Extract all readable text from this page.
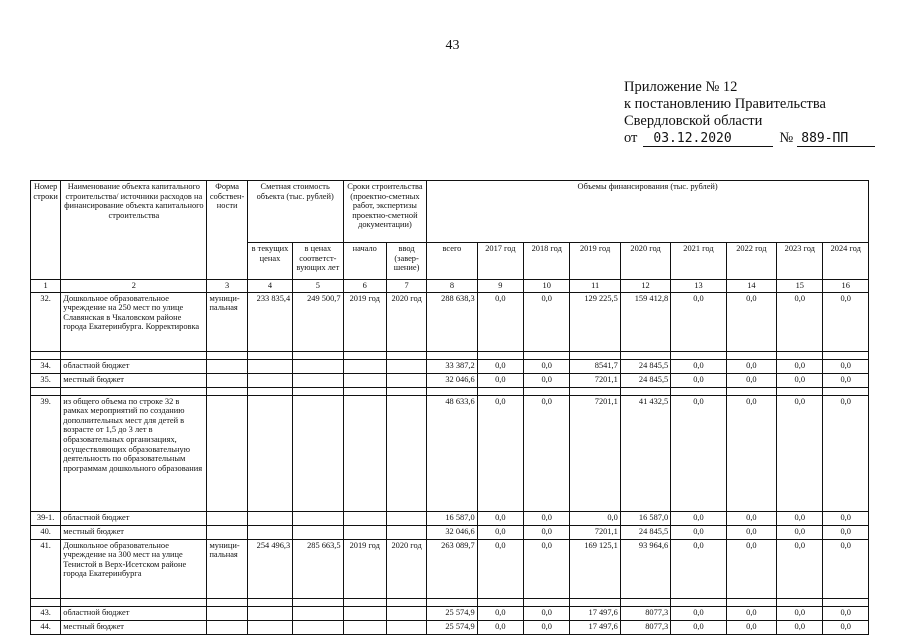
43
Приложение № 12
к постановлению Правительства
Свердловской области
от	03.12.2020	№ 889-ПП
Номер строки	Наименование объекта капитального строительства/ источники расходов на финансирование объекта капитального строительства	Форма собствен-ности	Сметная стоимость объекта (тыс. рублей)		Сроки строительства (проектно-сметных работ, экспертизы проектно-сметной документации)		Объемы финансирования (тыс. рублей)								
			в текущих ценах	в ценах соответст-вующих лет	начало	ввод (завер-шение)	всего	2017 год	2018 год	2019 год	2020 год	2021 год	2022 год	2023 год	2024 год
1	2	3	4	5	6	7	8	9	10	11	12	13	14	15	16
32.	Дошкольное образовательное учреждение на 250 мест по улице Славянская в Чкаловском районе города Екатеринбурга. Корректировка	муници-пальная	233 835,4	249 500,7	2019 год	2020 год	288 638,3	0,0	0,0	129 225,5	159 412,8	0,0	0,0	0,0	0,0

34.	областной бюджет						33 387,2	0,0	0,0	8541,7	24 845,5	0,0	0,0	0,0	0,0
35.	местный бюджет						32 046,6	0,0	0,0	7201,1	24 845,5	0,0	0,0	0,0	0,0

39.	из общего объема по строке 32 в рамках мероприятий по созданию дополнительных мест для детей в возрасте от 1,5 до 3 лет в образовательных организациях, осуществляющих образовательную деятельность по образовательным программам дошкольного образования						48 633,6	0,0	0,0	7201,1	41 432,5	0,0	0,0	0,0	0,0
39-1.	областной бюджет						16 587,0	0,0	0,0	0,0	16 587,0	0,0	0,0	0,0	0,0
40.	местный бюджет						32 046,6	0,0	0,0	7201,1	24 845,5	0,0	0,0	0,0	0,0
41.	Дошкольное образовательное учреждение на 300 мест на улице Тенистой в Верх-Исетском районе города Екатеринбурга	муници-пальная	254 496,3	285 663,5	2019 год	2020 год	263 089,7	0,0	0,0	169 125,1	93 964,6	0,0	0,0	0,0	0,0

43.	областной бюджет						25 574,9	0,0	0,0	17 497,6	8077,3	0,0	0,0	0,0	0,0
44.	местный бюджет						25 574,9	0,0	0,0	17 497,6	8077,3	0,0	0,0	0,0	0,0
